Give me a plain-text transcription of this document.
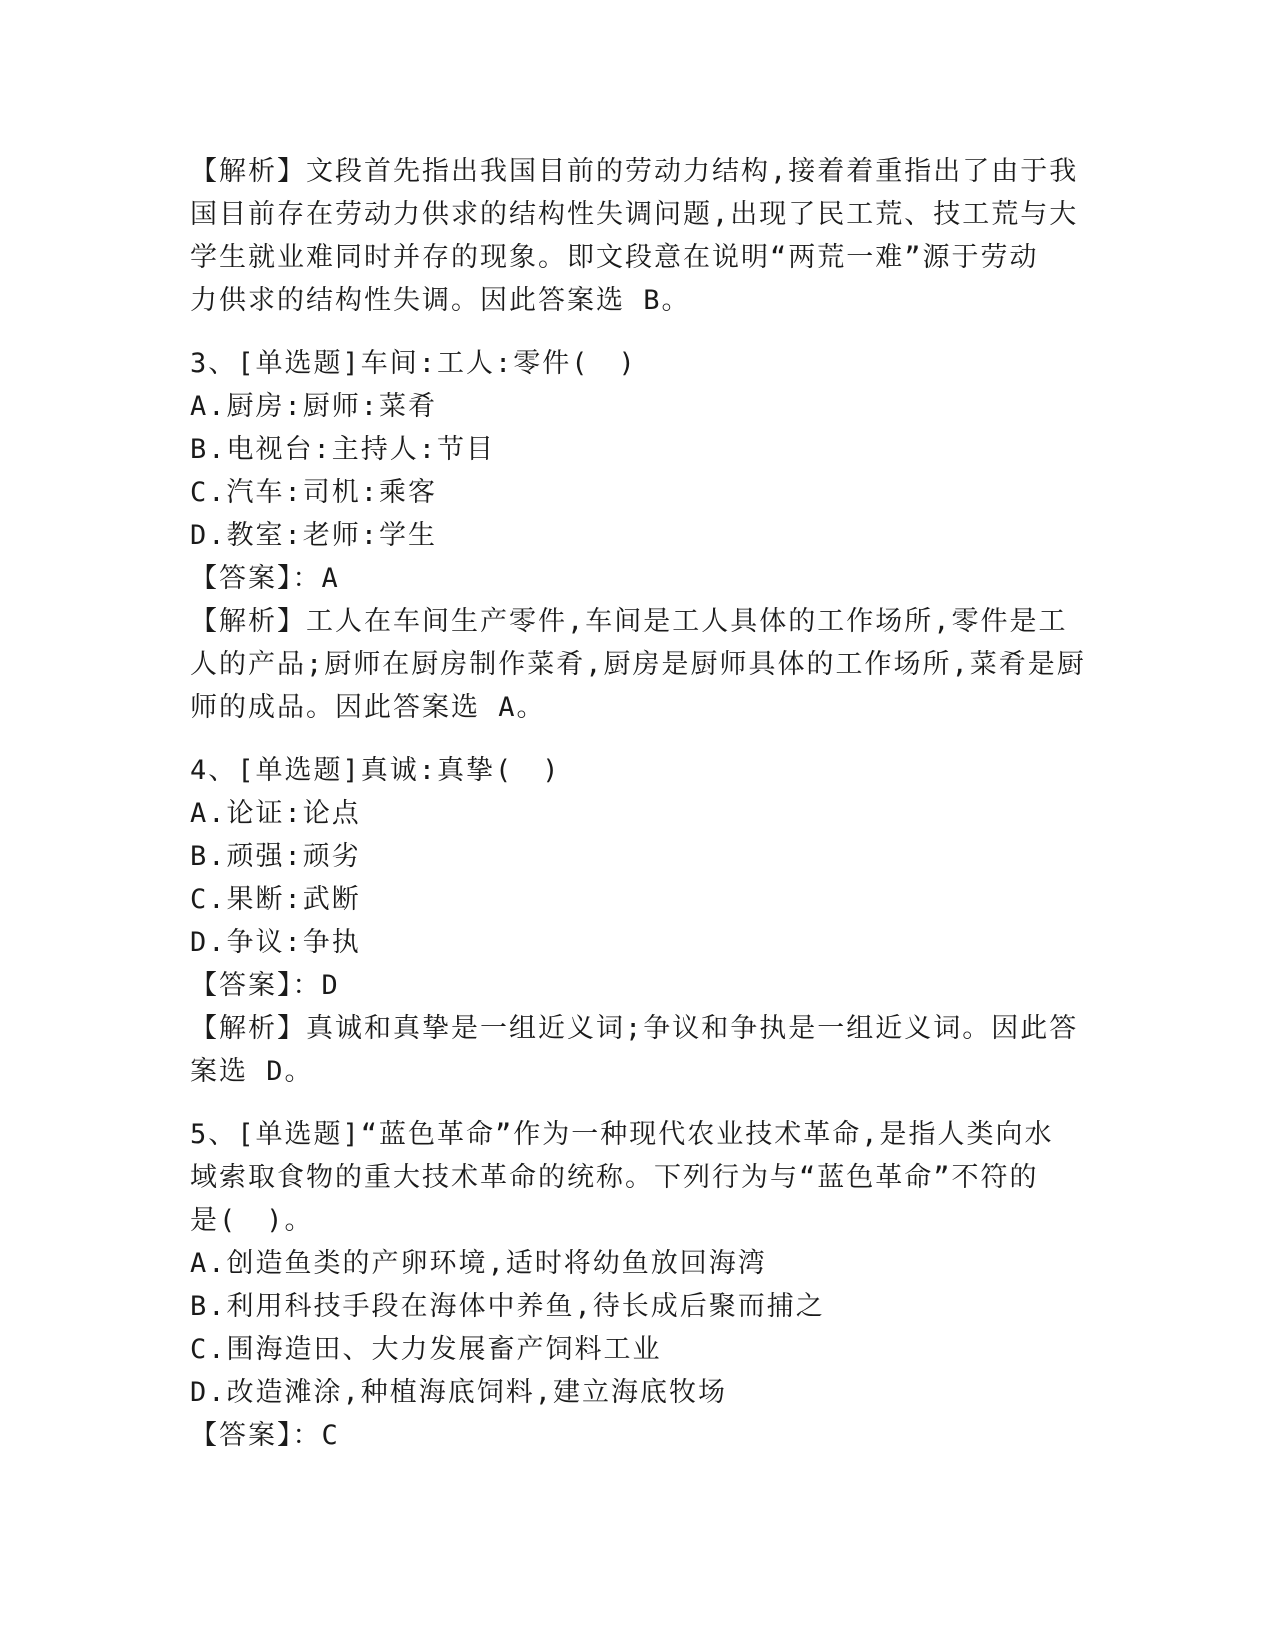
【解析】文段首先指出我国目前的劳动力结构,接着着重指出了由于我
国目前存在劳动力供求的结构性失调问题,出现了民工荒、技工荒与大
学生就业难同时并存的现象。即文段意在说明“两荒一难”源于劳动
力供求的结构性失调。因此答案选 B。
3、[单选题]车间:工人:零件(　)
A.厨房:厨师:菜肴
B.电视台:主持人:节目
C.汽车:司机:乘客
D.教室:老师:学生
【答案】：A
【解析】工人在车间生产零件,车间是工人具体的工作场所,零件是工
人的产品;厨师在厨房制作菜肴,厨房是厨师具体的工作场所,菜肴是厨
师的成品。因此答案选 A。
4、[单选题]真诚:真挚(　)
A.论证:论点
B.顽强:顽劣
C.果断:武断
D.争议:争执
【答案】：D
【解析】真诚和真挚是一组近义词;争议和争执是一组近义词。因此答
案选 D。
5、[单选题]“蓝色革命”作为一种现代农业技术革命,是指人类向水
域索取食物的重大技术革命的统称。下列行为与“蓝色革命”不符的
是(　)。
A.创造鱼类的产卵环境,适时将幼鱼放回海湾
B.利用科技手段在海体中养鱼,待长成后聚而捕之
C.围海造田、大力发展畜产饲料工业
D.改造滩涂,种植海底饲料,建立海底牧场
【答案】：C
